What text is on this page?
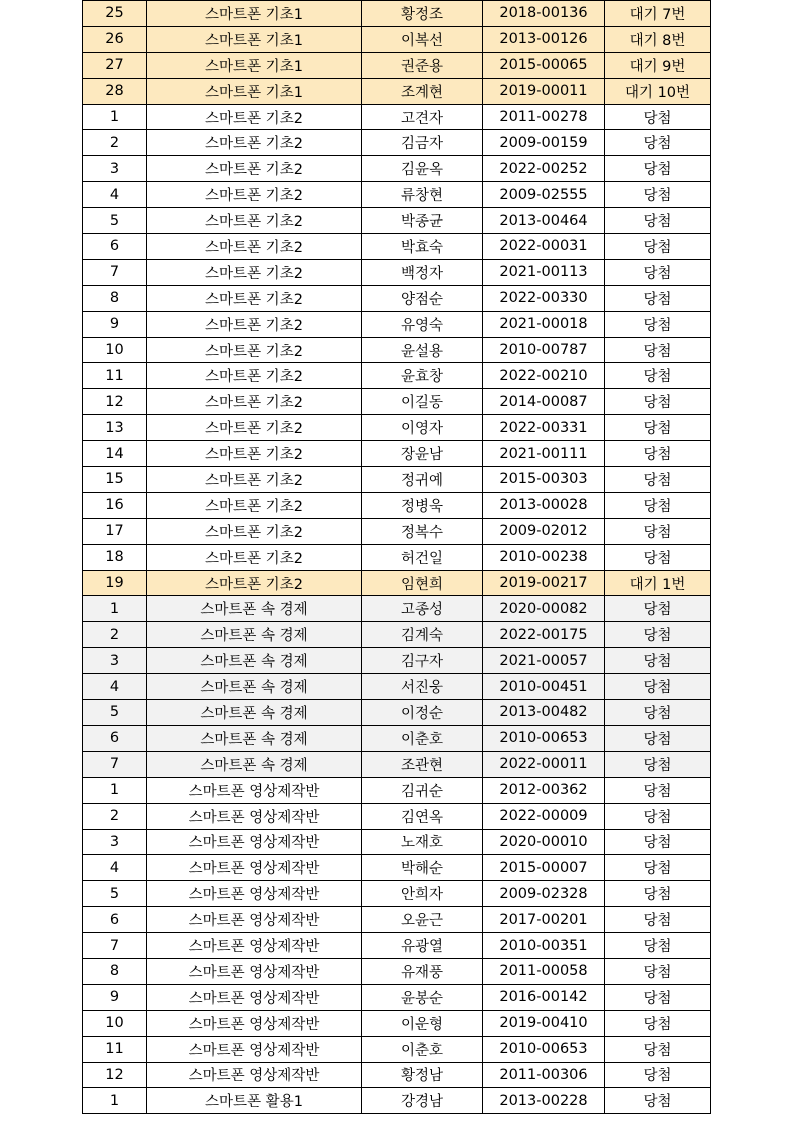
25	스마트폰 기초1	황정조	2018-00136	대기 7번
26	스마트폰 기초1	이복선	2013-00126	대기 8번
27	스마트폰 기초1	권준용	2015-00065	대기 9번
28	스마트폰 기초1	조계현	2019-00011	대기 10번
1	스마트폰 기초2	고견자	2011-00278	당첨
2	스마트폰 기초2	김금자	2009-00159	당첨
3	스마트폰 기초2	김윤옥	2022-00252	당첨
4	스마트폰 기초2	류창현	2009-02555	당첨
5	스마트폰 기초2	박종균	2013-00464	당첨
6	스마트폰 기초2	박효숙	2022-00031	당첨
7	스마트폰 기초2	백정자	2021-00113	당첨
8	스마트폰 기초2	양점순	2022-00330	당첨
9	스마트폰 기초2	유영숙	2021-00018	당첨
10	스마트폰 기초2	윤설용	2010-00787	당첨
11	스마트폰 기초2	윤효창	2022-00210	당첨
12	스마트폰 기초2	이길동	2014-00087	당첨
13	스마트폰 기초2	이영자	2022-00331	당첨
14	스마트폰 기초2	장윤남	2021-00111	당첨
15	스마트폰 기초2	정귀예	2015-00303	당첨
16	스마트폰 기초2	정병욱	2013-00028	당첨
17	스마트폰 기초2	정복수	2009-02012	당첨
18	스마트폰 기초2	허건일	2010-00238	당첨
19	스마트폰 기초2	임현희	2019-00217	대기 1번
1	스마트폰 속 경제	고종성	2020-00082	당첨
2	스마트폰 속 경제	김계숙	2022-00175	당첨
3	스마트폰 속 경제	김구자	2021-00057	당첨
4	스마트폰 속 경제	서진웅	2010-00451	당첨
5	스마트폰 속 경제	이정순	2013-00482	당첨
6	스마트폰 속 경제	이춘호	2010-00653	당첨
7	스마트폰 속 경제	조관현	2022-00011	당첨
1	스마트폰 영상제작반	김귀순	2012-00362	당첨
2	스마트폰 영상제작반	김연옥	2022-00009	당첨
3	스마트폰 영상제작반	노재호	2020-00010	당첨
4	스마트폰 영상제작반	박해순	2015-00007	당첨
5	스마트폰 영상제작반	안희자	2009-02328	당첨
6	스마트폰 영상제작반	오윤근	2017-00201	당첨
7	스마트폰 영상제작반	유광열	2010-00351	당첨
8	스마트폰 영상제작반	유재풍	2011-00058	당첨
9	스마트폰 영상제작반	윤봉순	2016-00142	당첨
10	스마트폰 영상제작반	이운형	2019-00410	당첨
11	스마트폰 영상제작반	이춘호	2010-00653	당첨
12	스마트폰 영상제작반	황정남	2011-00306	당첨
1	스마트폰 활용1	강경남	2013-00228	당첨
